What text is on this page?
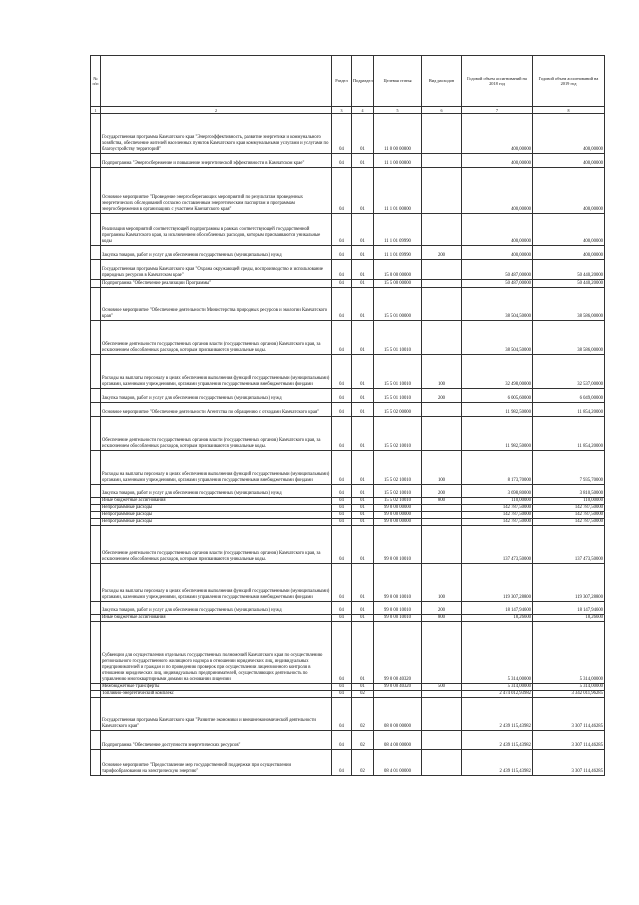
№ п/п		Раздел	Подраздел	Целевая статья	Вид расходов	Годовой объем ассигнований на 2018 год	Годовой объем ассигнований на 2019 год
1	2	3	4	5	6	7	8
	Государственная программа Камчатского края "Энергоэффективность, развитие энергетики и коммунального хозяйства, обеспечение жителей населенных пунктов Камчатского края коммунальными услугами и услугами по благоустройству территорий"	04	01	11 0 00 00000		400,00000	400,00000
	Подпрограмма "Энергосбережение и повышение энергетической эффективности в Камчатском крае"	04	01	11 1 00 00000		400,00000	400,00000
	Основное мероприятие "Проведение энергосберегающих мероприятий по результатам проведенных энергетических обследований согласно составленным энергетическим паспортам и программам энергосбережения в организациях с участием Камчатского края"	04	01	11 1 01 00000		400,00000	400,00000
	Реализация мероприятий соответствующей подпрограммы в рамках соответствующей государственной программы Камчатского края, за исключением обособленных расходов, которым присваиваются уникальные коды	04	01	11 1 01 09990		400,00000	400,00000
	Закупка товаров, работ и услуг для обеспечения государственных (муниципальных) нужд	04	01	11 1 01 09990	200	400,00000	400,00000
	Государственная программа Камчатского края "Охрана окружающей среды, воспроизводство и использование природных ресурсов в Камчатском крае"	04	01	15 0 00 00000		50 487,00000	50 440,20000
	Подпрограмма "Обеспечение реализации Программы"	04	01	15 5 00 00000		50 487,00000	50 440,20000
	Основное мероприятие "Обеспечение деятельности Министерства природных ресурсов и экологии Камчатского края"	04	01	15 5 01 00000		38 504,50000	38 586,00000
	Обеспечение деятельности государственных органов власти (государственных органов) Камчатского края, за исключением обособленных расходов, которым присваиваются уникальные коды.	04	01	15 5 01 10010		38 504,50000	38 586,00000
	Расходы на выплаты персоналу в целях обеспечения выполнения функций государственными (муниципальными) органами, казенными учреждениями, органами управления государственными внебюджетными фондами	04	01	15 5 01 10010	100	32 498,00000	32 537,00000
	Закупка товаров, работ и услуг для обеспечения государственных (муниципальных) нужд	04	01	15 5 01 10010	200	6 005,60000	6 049,00000
	Основное мероприятие "Обеспечение деятельности Агентства по обращению с отходами Камчатского края"	04	01	15 5 02 00000		11 982,50000	11 854,20000
	Обеспечение деятельности государственных органов власти (государственных органов) Камчатского края, за исключением обособленных расходов, которым присваиваются уникальные коды.	04	01	15 5 02 10010		11 982,50000	11 854,20000
	Расходы на выплаты персоналу в целях обеспечения выполнения функций государственными (муниципальными) органами, казенными учреждениями, органами управления государственными внебюджетными фондами	04	01	15 5 02 10010	100	8 173,70000	7 935,70000
	Закупка товаров, работ и услуг для обеспечения государственных (муниципальных) нужд	04	01	15 5 02 10010	200	3 698,80000	3 810,50000
	Иные бюджетные ассигнования	04	01	15 5 02 10010	800	110,00000	110,00000
	Непрограммные расходы	04	01	99 0 00 00000		142 787,50000	142 787,50000
	Непрограммные расходы	04	01	99 0 00 00000		142 787,50000	142 787,50000
	Непрограммные расходы	04	01	99 0 00 00000		142 787,50000	142 787,50000
	Обеспечение деятельности государственных органов власти (государственных органов) Камчатского края, за исключением обособленных расходов, которым присваиваются уникальные коды.	04	01	99 0 00 10010		137 473,50000	137 473,50000
	Расходы на выплаты персоналу в целях обеспечения выполнения функций государственными (муниципальными) органами, казенными учреждениями, органами управления государственными внебюджетными фондами	04	01	99 0 00 10010	100	119 307,28800	119 307,28800
	Закупка товаров, работ и услуг для обеспечения государственных (муниципальных) нужд	04	01	99 0 00 10010	200	18 147,94600	18 147,94600
	Иные бюджетные ассигнования	04	01	99 0 00 10010	800	18,26600	18,26600
	Субвенции для осуществления отдельных государственных полномочий Камчатского края по осуществлению регионального государственного жилищного надзора в отношении юридических лиц, индивидуальных предпринимателей и граждан и по проведению проверок при осуществлении лицензионного контроля в отношении юридических лиц, индивидуальных предпринимателей, осуществляющих деятельность по управлению многоквартирными домами на основании лицензии	04	01	99 0 00 40320		5 314,00000	5 314,00000
	Межбюджетные трансферты	04	01	99 0 00 40320	500	5 314,00000	5 314,00000
	Топливно-энергетический комплекс	04	02			2 474 012,93982	3 342 011,96285
	Государственная программа Камчатского края "Развитие экономики и внешнеэкономической деятельности Камчатского края"	04	02	08 0 00 00000		2 439 115,43982	3 307 114,46285
	Подпрограмма "Обеспечение доступности энергетических ресурсов"	04	02	08 4 00 00000		2 439 115,43982	3 307 114,46285
	Основное мероприятие "Предоставление мер государственной поддержки при осуществлении тарифообразования на электрическую энергию"	04	02	08 4 01 00000		2 439 115,43982	3 307 114,46285
